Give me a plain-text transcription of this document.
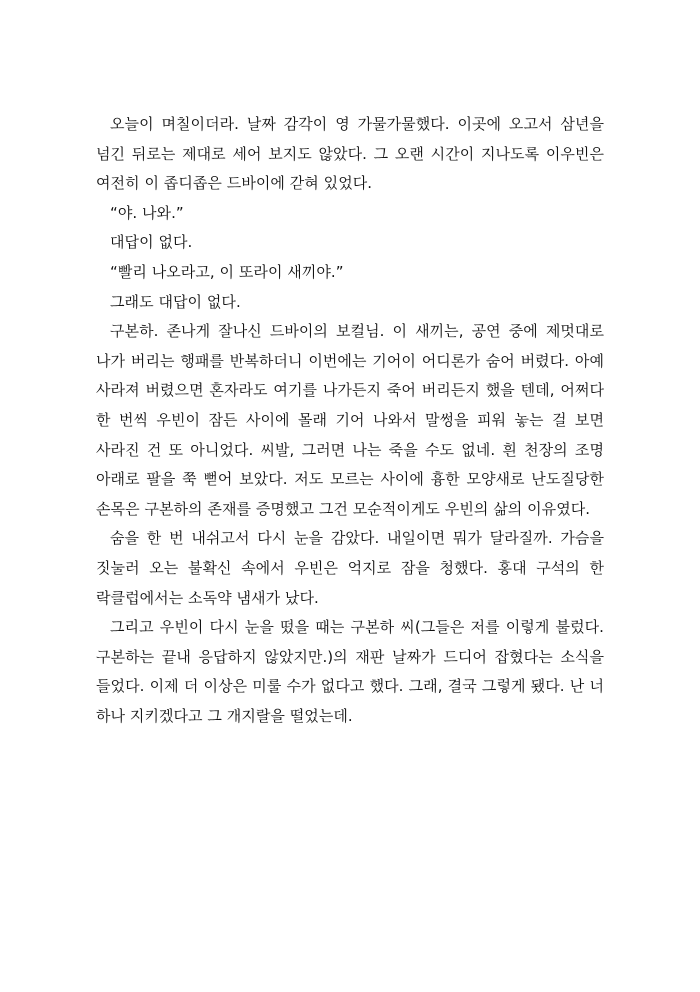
오늘이 며칠이더라. 날짜 감각이 영 가물가물했다. 이곳에 오고서 삼년을 넘긴 뒤로는 제대로 세어 보지도 않았다. 그 오랜 시간이 지나도록 이우빈은 여전히 이 좁디좁은 드바이에 갇혀 있었다.

“야. 나와.”

대답이 없다.

“빨리 나오라고, 이 또라이 새끼야.”

그래도 대답이 없다.

구본하. 존나게 잘나신 드바이의 보컬님. 이 새끼는, 공연 중에 제멋대로 나가 버리는 행패를 반복하더니 이번에는 기어이 어디론가 숨어 버렸다. 아예 사라져 버렸으면 혼자라도 여기를 나가든지 죽어 버리든지 했을 텐데, 어쩌다 한 번씩 우빈이 잠든 사이에 몰래 기어 나와서 말썽을 피워 놓는 걸 보면 사라진 건 또 아니었다. 씨발, 그러면 나는 죽을 수도 없네. 흰 천장의 조명 아래로 팔을 쭉 뻗어 보았다. 저도 모르는 사이에 흉한 모양새로 난도질당한 손목은 구본하의 존재를 증명했고 그건 모순적이게도 우빈의 삶의 이유였다.

숨을 한 번 내쉬고서 다시 눈을 감았다. 내일이면 뭐가 달라질까. 가슴을 짓눌러 오는 불확신 속에서 우빈은 억지로 잠을 청했다. 홍대 구석의 한 락클럽에서는 소독약 냄새가 났다.

그리고 우빈이 다시 눈을 떴을 때는 구본하 씨(그들은 저를 이렇게 불렀다. 구본하는 끝내 응답하지 않았지만.)의 재판 날짜가 드디어 잡혔다는 소식을 들었다. 이제 더 이상은 미룰 수가 없다고 했다. 그래, 결국 그렇게 됐다. 난 너 하나 지키겠다고 그 개지랄을 떨었는데.
